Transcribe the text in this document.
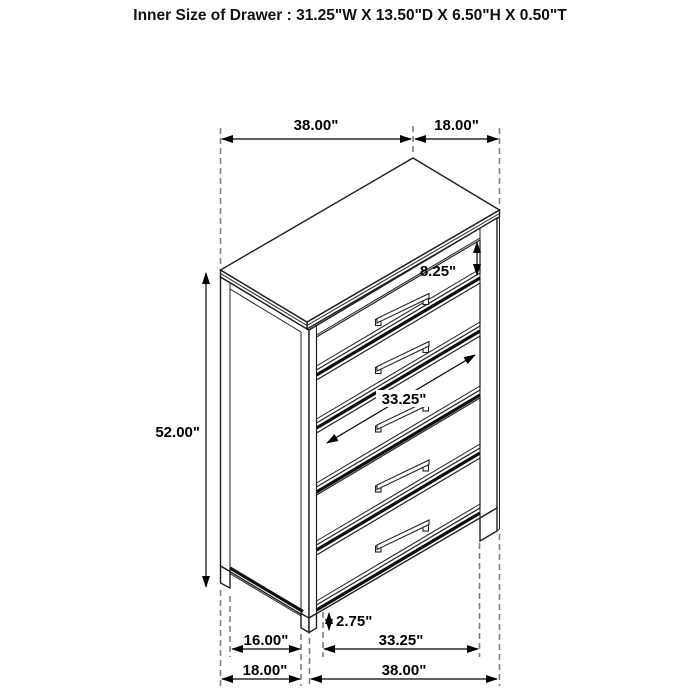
Inner Size of Drawer : 31.25"W X 13.50"D X 6.50"H X 0.50"T
38.00"	18.00"
8.25"
52.00"
33.25"
2.75"
16.00"	33.25"
18.00"	38.00"
